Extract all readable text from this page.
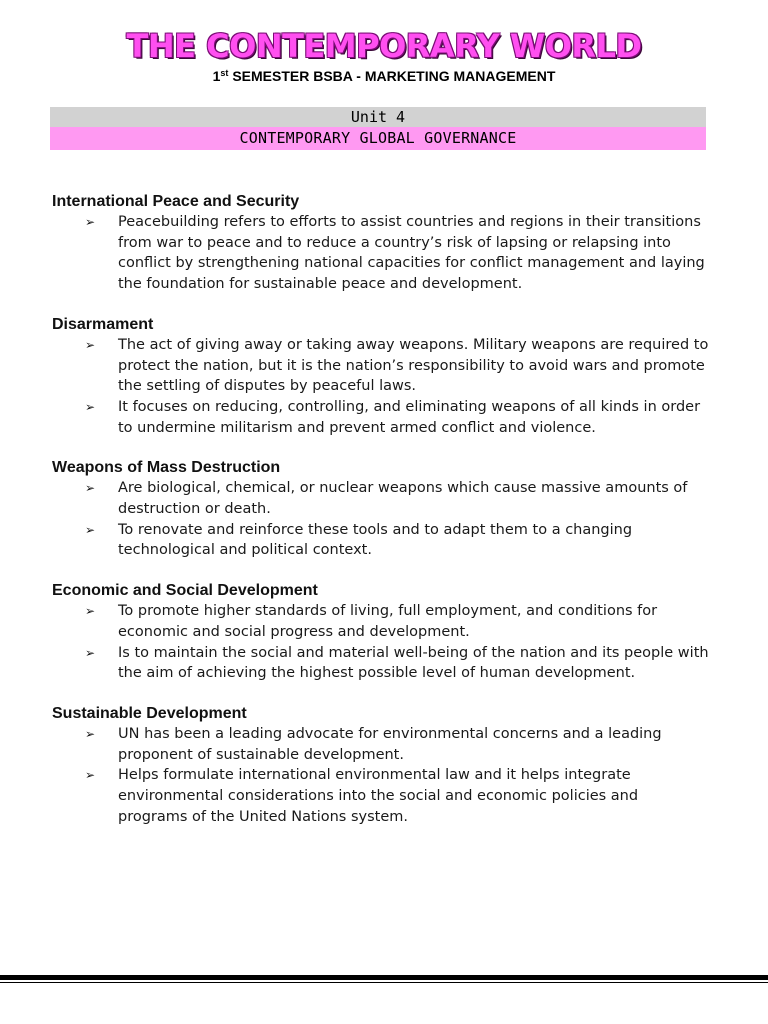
THE CONTEMPORARY WORLD
1st SEMESTER BSBA - MARKETING MANAGEMENT
Unit 4
CONTEMPORARY GLOBAL GOVERNANCE
International Peace and Security
➢ Peacebuilding refers to efforts to assist countries and regions in their transitions from war to peace and to reduce a country’s risk of lapsing or relapsing into conflict by strengthening national capacities for conflict management and laying the foundation for sustainable peace and development.
Disarmament
➢ The act of giving away or taking away weapons. Military weapons are required to protect the nation, but it is the nation’s responsibility to avoid wars and promote the settling of disputes by peaceful laws.
➢ It focuses on reducing, controlling, and eliminating weapons of all kinds in order to undermine militarism and prevent armed conflict and violence.
Weapons of Mass Destruction
➢ Are biological, chemical, or nuclear weapons which cause massive amounts of destruction or death.
➢ To renovate and reinforce these tools and to adapt them to a changing technological and political context.
Economic and Social Development
➢ To promote higher standards of living, full employment, and conditions for economic and social progress and development.
➢ Is to maintain the social and material well-being of the nation and its people with the aim of achieving the highest possible level of human development.
Sustainable Development
➢ UN has been a leading advocate for environmental concerns and a leading proponent of sustainable development.
➢ Helps formulate international environmental law and it helps integrate environmental considerations into the social and economic policies and programs of the United Nations system.
